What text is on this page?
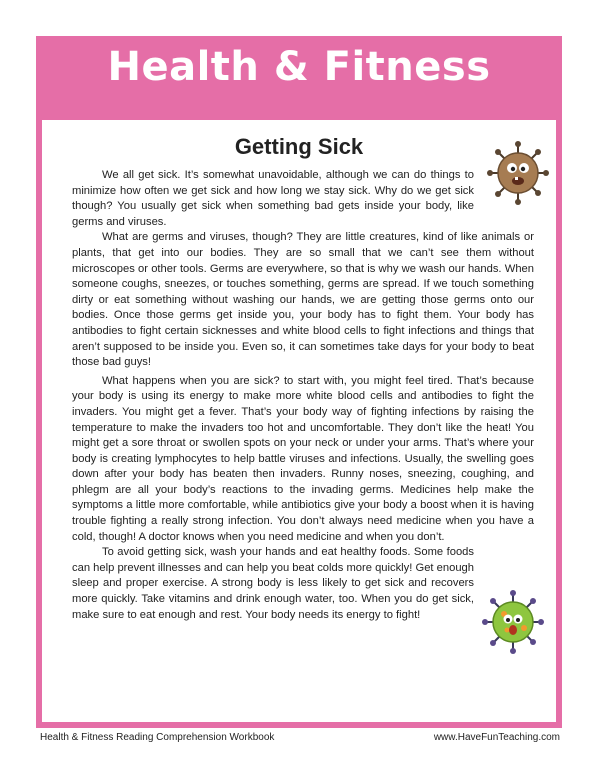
Health & Fitness
Getting Sick

We all get sick. It’s somewhat unavoidable, although we can do things to minimize how often we get sick and how long we stay sick. Why do we get sick though? You usually get sick when something bad gets inside your body, like germs and viruses.

What are germs and viruses, though? They are little creatures, kind of like animals or plants, that get into our bodies. They are so small that we can’t see them without microscopes or other tools. Germs are everywhere, so that is why we wash our hands. When someone coughs, sneezes, or touches something, germs are spread. If we touch something dirty or eat something without washing our hands, we are getting those germs onto our bodies. Once those germs get inside you, your body has to fight them. Your body has antibodies to fight certain sicknesses and white blood cells to fight infections and things that aren’t supposed to be inside you. Even so, it can sometimes take days for your body to beat those bad guys!

What happens when you are sick? to start with, you might feel tired. That’s because your body is using its energy to make more white blood cells and antibodies to fight the invaders. You might get a fever. That’s your body way of fighting infections by raising the temperature to make the invaders too hot and uncomfortable. They don’t like the heat! You might get a sore throat or swollen spots on your neck or under your arms. That’s where your body is creating lymphocytes to help battle viruses and infections. Usually, the swelling goes down after your body has beaten then invaders. Runny noses, sneezing, coughing, and phlegm are all your body’s reactions to the invading germs. Medicines help make the symptoms a little more comfortable, while antibiotics give your body a boost when it is having trouble fighting a really strong infection. You don’t always need medicine when you have a cold, though! A doctor knows when you need medicine and when you don’t.

To avoid getting sick, wash your hands and eat healthy foods. Some foods can help prevent illnesses and can help you beat colds more quickly! Get enough sleep and proper exercise. A strong body is less likely to get sick and recovers more quickly. Take vitamins and drink enough water, too. When you do get sick, make sure to eat enough and rest. Your body needs its energy to fight!

Health & Fitness Reading Comprehension Workbook	www.HaveFunTeaching.com
